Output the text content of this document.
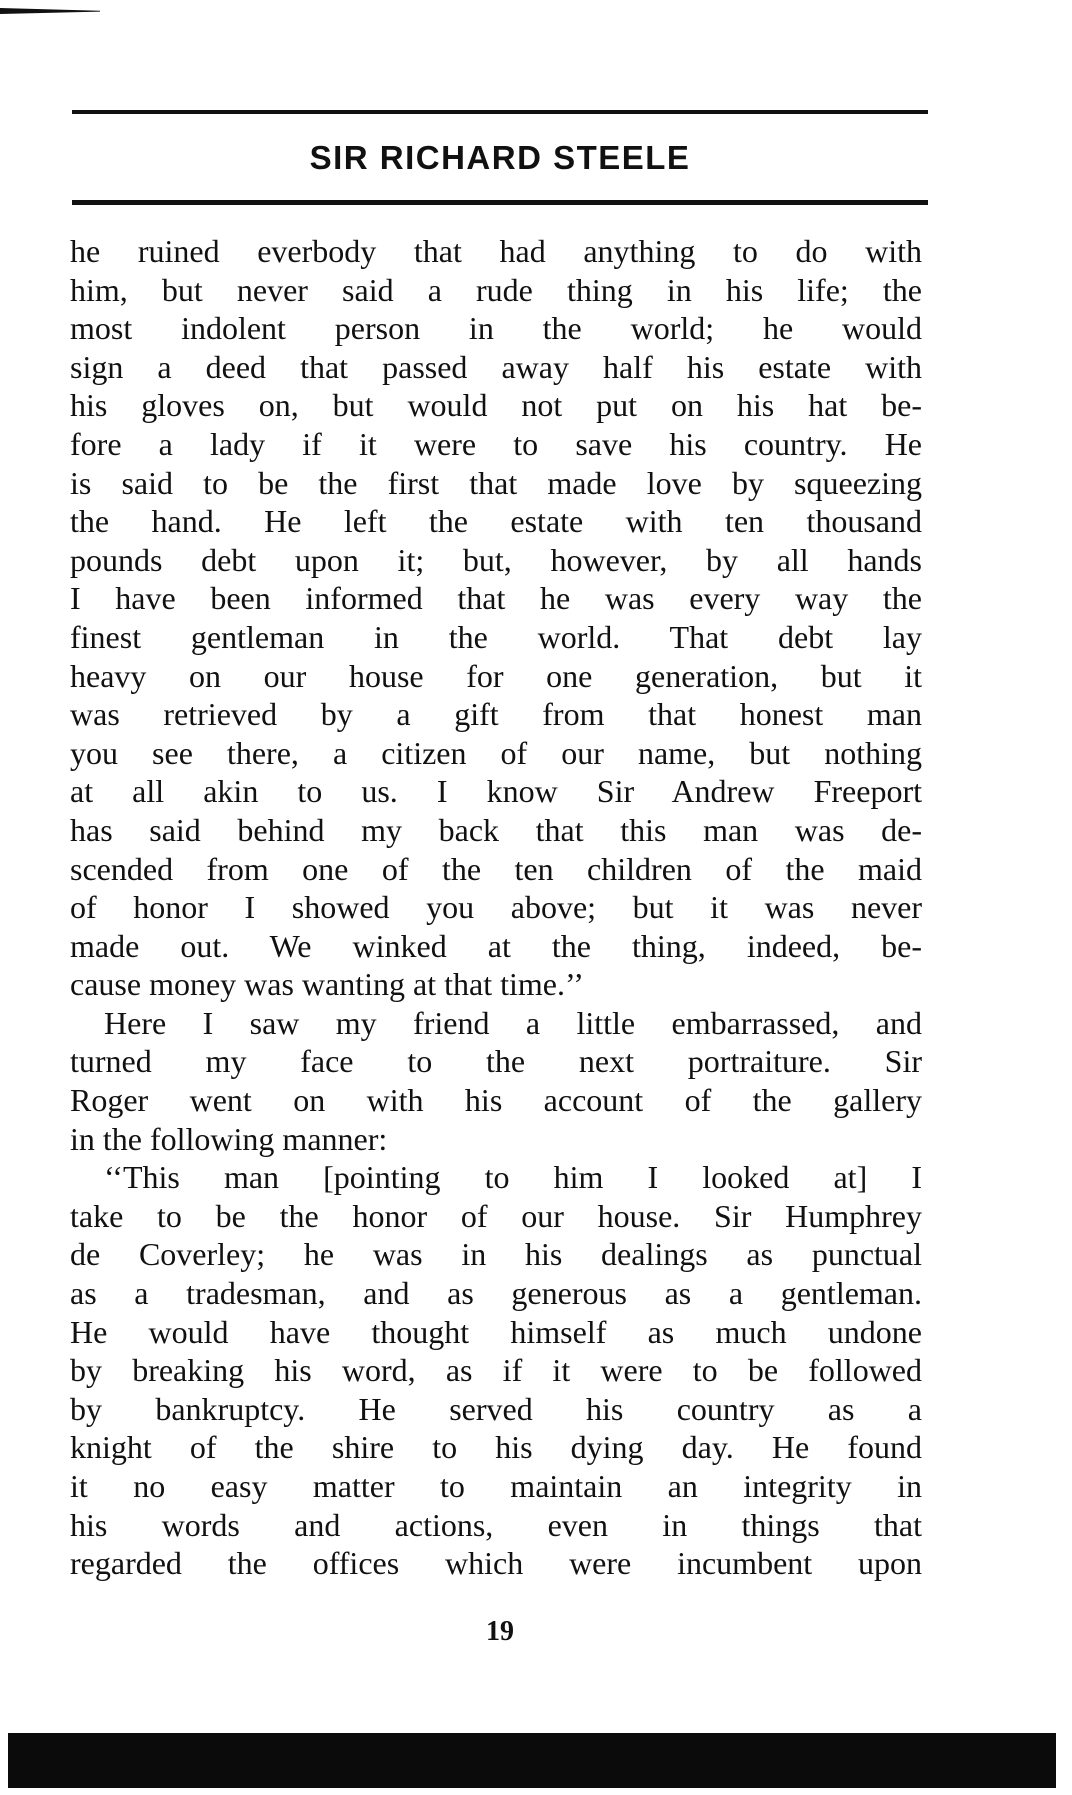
SIR RICHARD STEELE
he ruined everbody that had anything to do with
him, but never said a rude thing in his life; the
most indolent person in the world; he would
sign a deed that passed away half his estate with
his gloves on, but would not put on his hat be-
fore a lady if it were to save his country. He
is said to be the first that made love by squeezing
the hand. He left the estate with ten thousand
pounds debt upon it; but, however, by all hands
I have been informed that he was every way the
finest gentleman in the world. That debt lay
heavy on our house for one generation, but it
was retrieved by a gift from that honest man
you see there, a citizen of our name, but nothing
at all akin to us. I know Sir Andrew Freeport
has said behind my back that this man was de-
scended from one of the ten children of the maid
of honor I showed you above; but it was never
made out. We winked at the thing, indeed, be-
cause money was wanting at that time.’’
Here I saw my friend a little embarrassed, and
turned my face to the next portraiture. Sir
Roger went on with his account of the gallery
in the following manner:
‘‘This man [pointing to him I looked at] I
take to be the honor of our house. Sir Humphrey
de Coverley; he was in his dealings as punctual
as a tradesman, and as generous as a gentleman.
He would have thought himself as much undone
by breaking his word, as if it were to be followed
by bankruptcy. He served his country as a
knight of the shire to his dying day. He found
it no easy matter to maintain an integrity in
his words and actions, even in things that
regarded the offices which were incumbent upon
19
